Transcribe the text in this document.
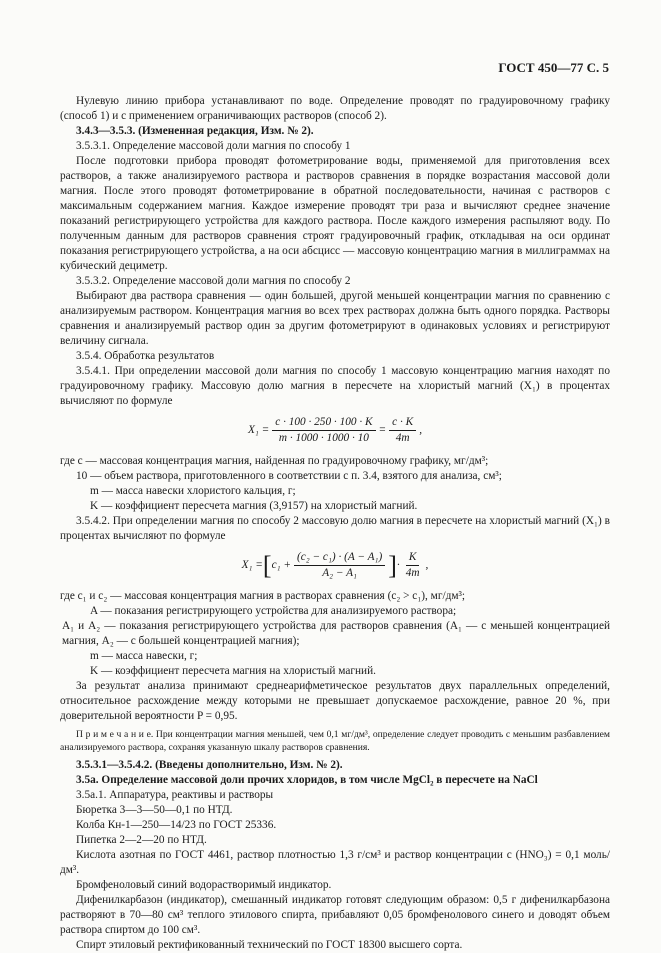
ГОСТ 450—77 С. 5

Нулевую линию прибора устанавливают по воде. Определение проводят по градуировочному графику (способ 1) и с применением ограничивающих растворов (способ 2).

3.4.3—3.5.3. (Измененная редакция, Изм. № 2).

3.5.3.1. Определение массовой доли магния по способу 1

После подготовки прибора проводят фотометрирование воды, применяемой для приготовления всех растворов, а также анализируемого раствора и растворов сравнения в порядке возрастания массовой доли магния. После этого проводят фотометрирование в обратной последовательности, начиная с растворов с максимальным содержанием магния. Каждое измерение проводят три раза и вычисляют среднее значение показаний регистрирующего устройства для каждого раствора. После каждого измерения распыляют воду. По полученным данным для растворов сравнения строят градуировочный график, откладывая на оси ординат показания регистрирующего устройства, а на оси абсцисс — массовую концентрацию магния в миллиграммах на кубический дециметр.

3.5.3.2. Определение массовой доли магния по способу 2

Выбирают два раствора сравнения — один большей, другой меньшей концентрации магния по сравнению с анализируемым раствором. Концентрация магния во всех трех растворах должна быть одного порядка. Растворы сравнения и анализируемый раствор один за другим фотометрируют в одинаковых условиях и регистрируют величину сигнала.

3.5.4. Обработка результатов

3.5.4.1. При определении массовой доли магния по способу 1 массовую концентрацию магния находят по градуировочному графику. Массовую долю магния в пересчете на хлористый магний (X₁) в процентах вычисляют по формуле

$X_1 = \frac{c \cdot 100 \cdot 250 \cdot 100 \cdot K}{m \cdot 1000 \cdot 1000 \cdot 10} = \frac{c \cdot K}{4m}$ ,

где c — массовая концентрация магния, найденная по градуировочному графику, мг/дм³;

10 — объем раствора, приготовленного в соответствии с п. 3.4, взятого для анализа, см³;

m — масса навески хлористого кальция, г;

K — коэффициент пересчета магния (3,9157) на хлористый магний.

3.5.4.2. При определении магния по способу 2 массовую долю магния в пересчете на хлористый магний (X₁) в процентах вычисляют по формуле

X₁ = [ $c_1 + \frac{\text{(c₂ − c₁) · (A − A₁)}}{\text{A₂ − A₁}}$ ] · $\frac{K}{4m}$ ,

где c₁ и c₂ — массовая концентрация магния в растворах сравнения (c₂ > c₁), мг/дм³;

A — показания регистрирующего устройства для анализируемого раствора;

A₁ и A₂ — показания регистрирующего устройства для растворов сравнения (A₁ — с меньшей концентрацией магния, A₂ — с большей концентрацией магния);

m — масса навески, г;

K — коэффициент пересчета магния на хлористый магний.

За результат анализа принимают среднеарифметическое результатов двух параллельных определений, относительное расхождение между которыми не превышает допускаемое расхождение, равное 20 %, при доверительной вероятности P = 0,95.

П р и м е ч а н и е. При концентрации магния меньшей, чем 0,1 мг/дм³, определение следует проводить с меньшим разбавлением анализируемого раствора, сохраняя указанную шкалу растворов сравнения.

3.5.3.1—3.5.4.2. (Введены дополнительно, Изм. № 2).

3.5а. Определение массовой доли прочих хлоридов, в том числе MgCl₂ в пересчете на NaCl

3.5а.1. Аппаратура, реактивы и растворы

Бюретка 3—3—50—0,1 по НТД.

Колба Кн-1—250—14/23 по ГОСТ 25336.

Пипетка 2—2—20 по НТД.

Кислота азотная по ГОСТ 4461, раствор плотностью 1,3 г/см³ и раствор концентрации c (HNO₃) = 0,1 моль/дм³.

Бромфеноловый синий водорастворимый индикатор.

Дифенилкарбазон (индикатор), смешанный индикатор готовят следующим образом: 0,5 г дифенилкарбазона растворяют в 70—80 см³ теплого этилового спирта, прибавляют 0,05 бромфенолового синего и доводят объем раствора спиртом до 100 см³.

Спирт этиловый ректификованный технический по ГОСТ 18300 высшего сорта.
